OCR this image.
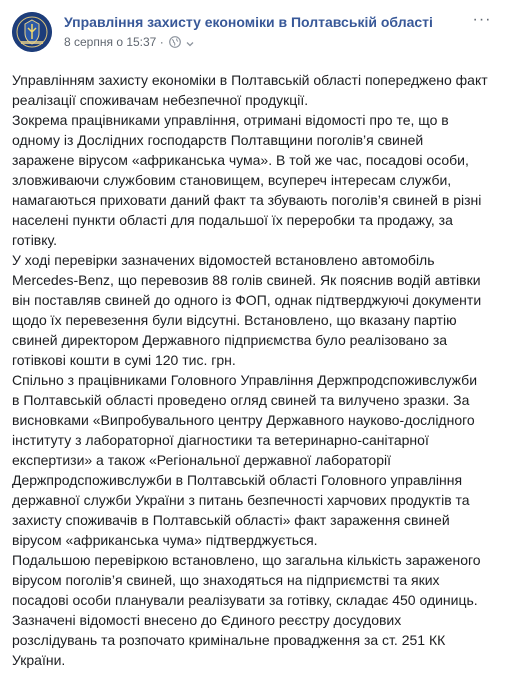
Управління захисту економіки в Полтавській області
8 серпня о 15:37 ·
···

Управлінням захисту економіки в Полтавській області попереджено факт реалізації споживачам небезпечної продукції.

Зокрема працівниками управління, отримані відомості про те, що в одному із Дослідних господарств Полтавщини поголів’я свиней заражене вірусом «африканська чума». В той же час, посадові особи, зловживаючи службовим становищем, всупереч інтересам служби, намагаються приховати даний факт та збувають поголів’я свиней в різні населені пункти області для подальшої їх переробки та продажу, за готівку.

У ході перевірки зазначених відомостей встановлено автомобіль Mercedes-Benz, що перевозив 88 голів свиней. Як пояснив водій автівки він поставляв свиней до одного із ФОП, однак підтверджуючі документи щодо їх перевезення були відсутні. Встановлено, що вказану партію свиней директором Державного підприємства було реалізовано за готівкові кошти в сумі 120 тис. грн.

Спільно з працівниками Головного Управління Держпродспоживслужби в Полтавській області проведено огляд свиней та вилучено зразки. За висновками «Випробувального центру Державного науково-дослідного інституту з лабораторної діагностики та ветеринарно-санітарної експертизи» а також «Регіональної державної лабораторії Держпродспоживслужби в Полтавській області Головного управління державної служби України з питань безпечності харчових продуктів та захисту споживачів в Полтавській області» факт зараження свиней вірусом «африканська чума» підтверджується.

Подальшою перевіркою встановлено, що загальна кількість зараженого вірусом поголів’я свиней, що знаходяться на підприємстві та яких посадові особи планували реалізувати за готівку, складає 450 одиниць. Зазначені відомості внесено до Єдиного реєстру досудових розслідувань та розпочато кримінальне провадження за ст. 251 КК України.
